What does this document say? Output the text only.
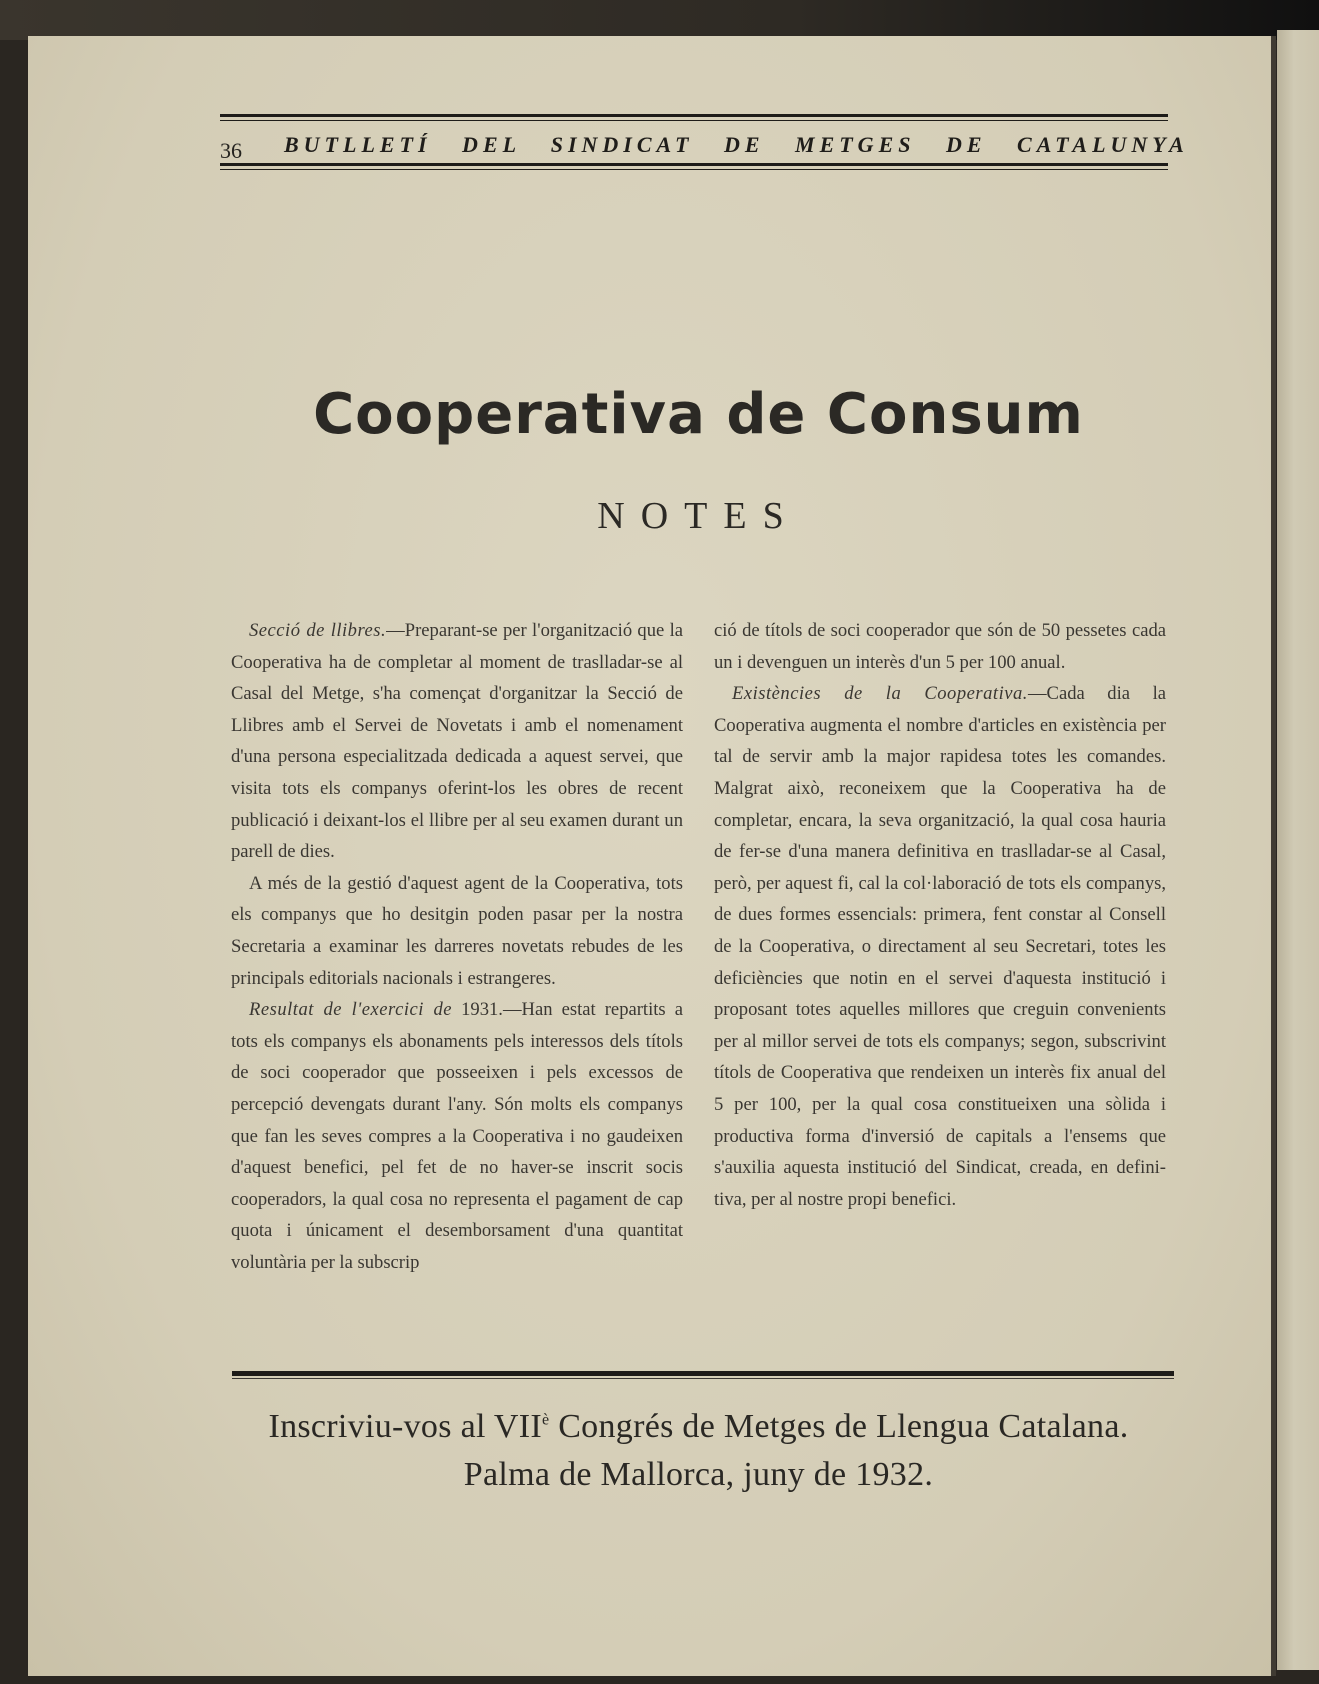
36 BUTLLETÍ DEL SINDICAT DE METGES DE CATALUNYA
Cooperativa de Consum
NOTES

Secció de llibres.—Preparant-se per l'organització que la Cooperativa ha de completar al moment de traslladar-se al Casal del Metge, s'ha començat d'organitzar la Secció de Llibres amb el Servei de Novetats i amb el nomenament d'una persona especialitzada dedicada a aquest servei, que visita tots els companys oferint-los les obres de recent publicació i deixant-los el llibre per al seu examen durant un parell de dies.

A més de la gestió d'aquest agent de la Cooperativa, tots els companys que ho desitgin poden pasar per la nostra Secretaria a examinar les darreres novetats rebudes de les principals editorials nacionals i estrangeres.

Resultat de l'exercici de 1931.—Han estat repartits a tots els companys els abonaments pels interessos dels títols de soci cooperador que posseeixen i pels excessos de percepció devengats durant l'any. Són molts els companys que fan les seves compres a la Cooperativa i no gaudeixen d'aquest benefici, pel fet de no haver-se inscrit socis cooperadors, la qual cosa no representa el pagament de cap quota i únicament el desemborsament d'una quantitat voluntària per la subscrip

ció de títols de soci cooperador que són de 50 pessetes cada un i devenguen un interès d'un 5 per 100 anual.

Existències de la Cooperativa.—Cada dia la Cooperativa augmenta el nombre d'articles en existència per tal de servir amb la major rapidesa totes les comandes. Malgrat això, reconeixem que la Cooperativa ha de completar, encara, la seva organització, la qual cosa hauria de fer-se d'una manera definitiva en traslladar-se al Casal, però, per aquest fi, cal la col·laboració de tots els companys, de dues formes essencials: primera, fent constar al Consell de la Cooperativa, o directament al seu Secretari, totes les deficiències que notin en el servei d'aquesta institució i proposant totes aquelles millores que creguin convenients per al millor servei de tots els companys; segon, subscrivint títols de Cooperativa que rendeixen un interès fix anual del 5 per 100, per la qual cosa constitueixen una sòlida i productiva forma d'inversió de capitals a l'ensems que s'auxilia aquesta institució del Sindicat, creada, en definitiva, per al nostre propi benefici.

Inscriviu-vos al $VII^è$ Congrés de Metges de Llengua Catalana.
Palma de Mallorca, juny de 1932.
